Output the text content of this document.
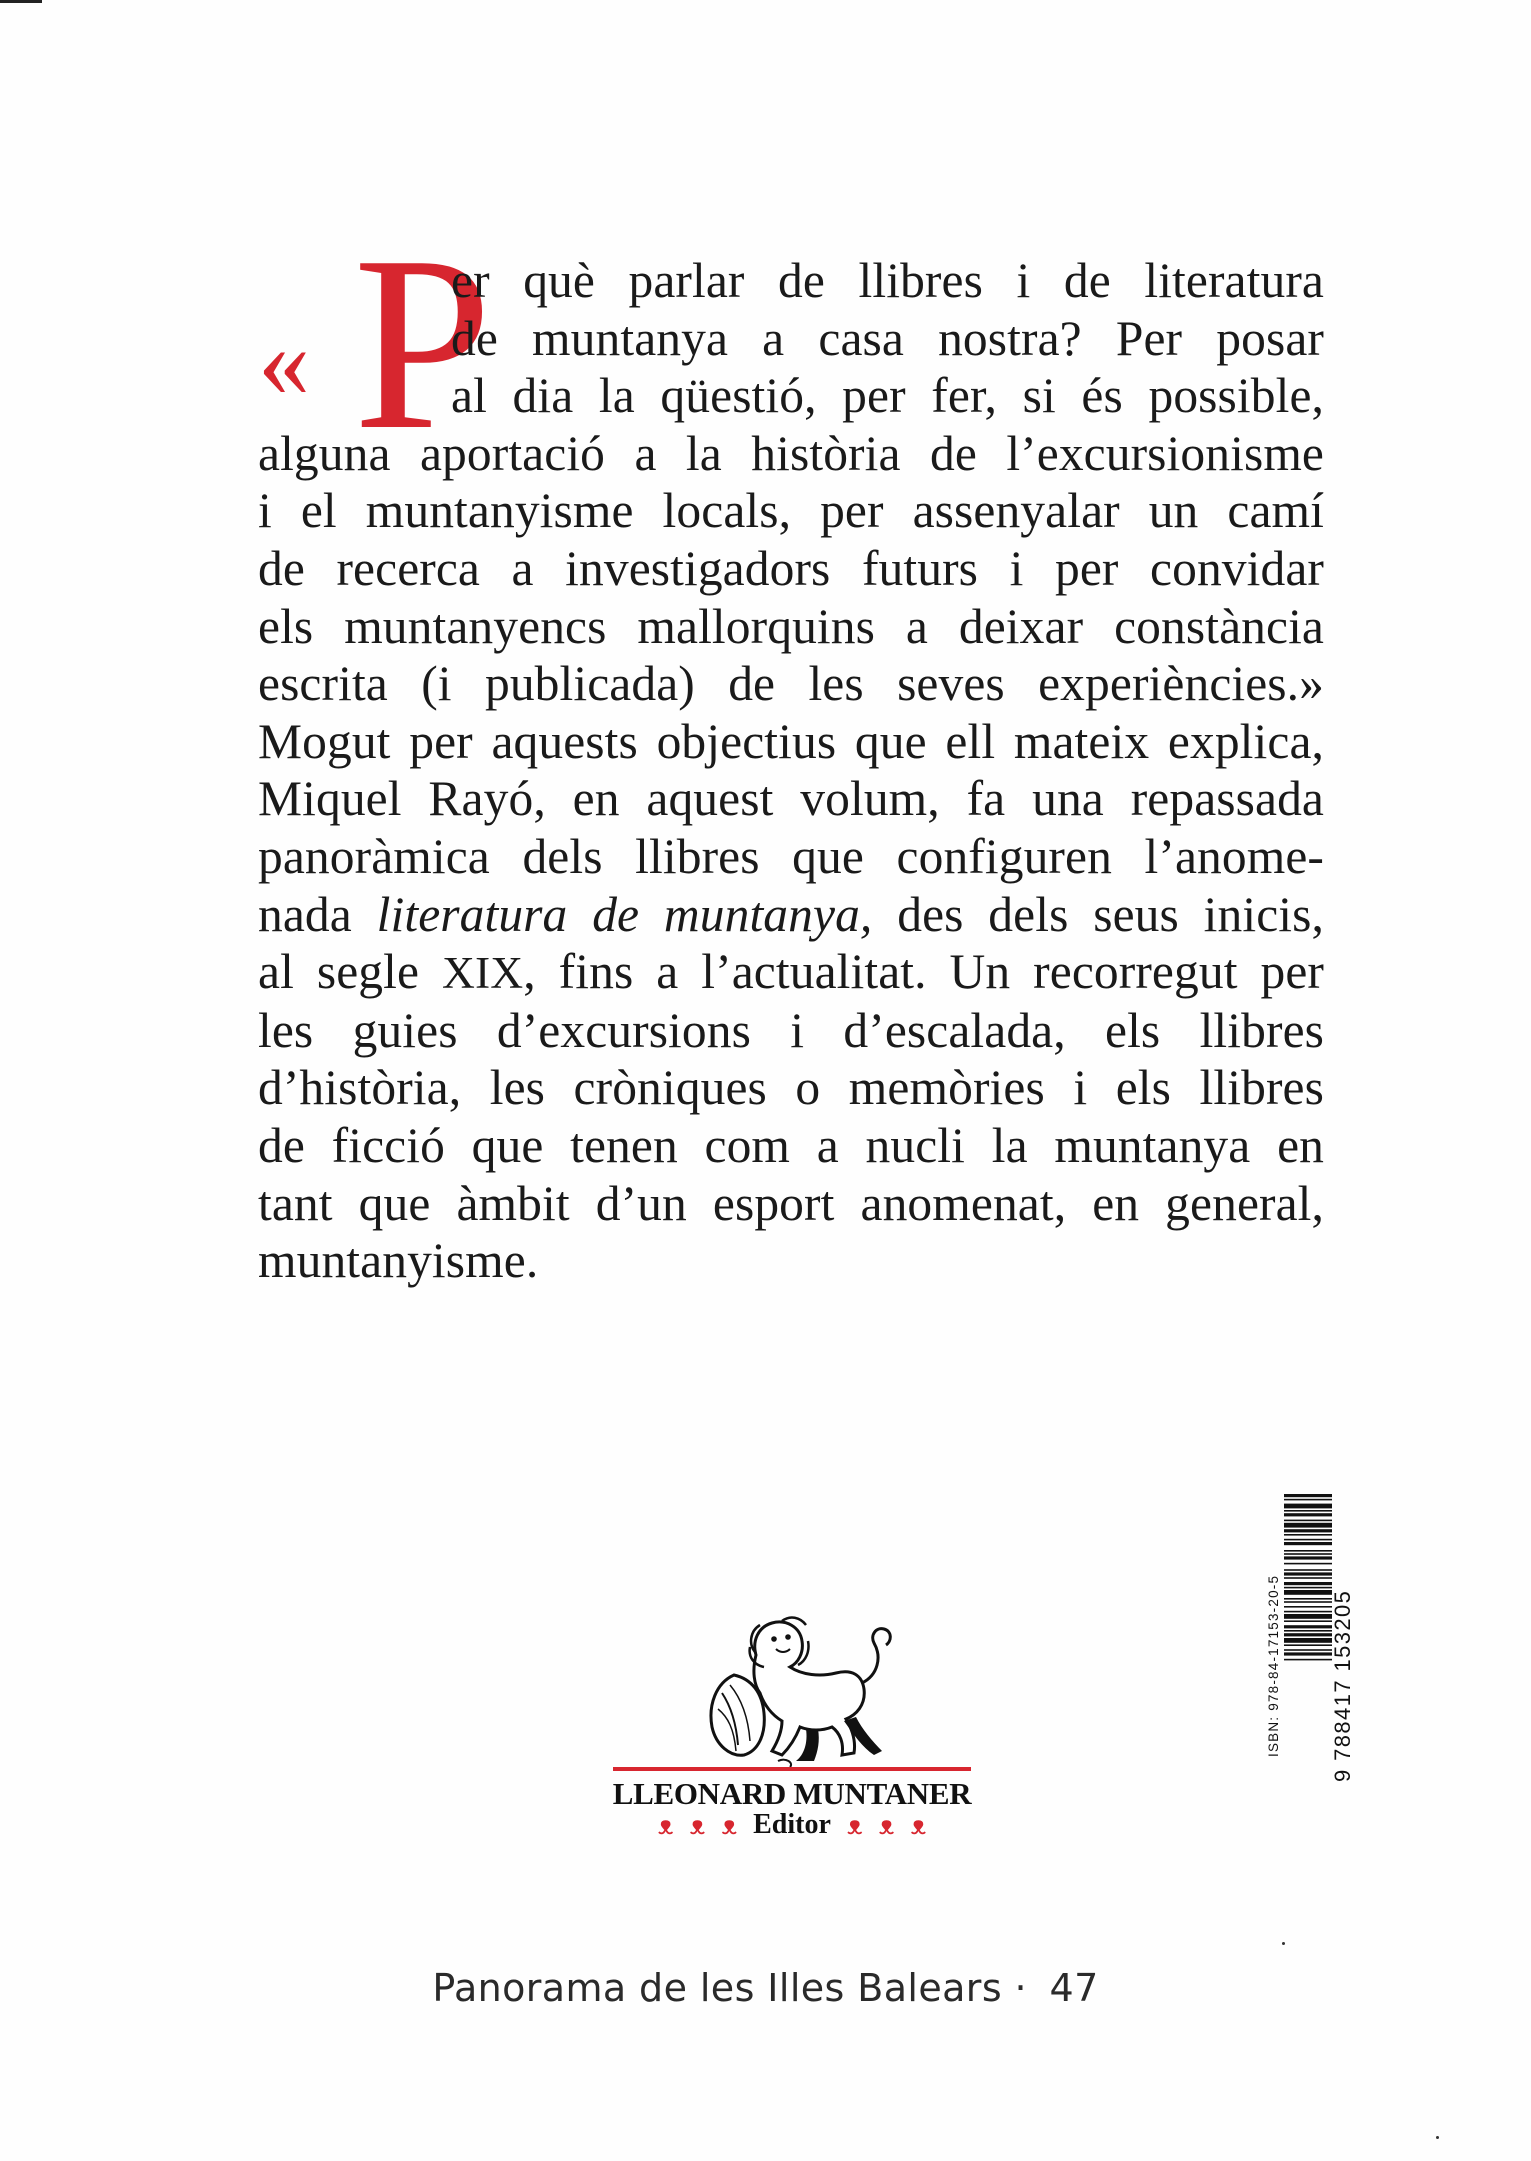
« P
er què parlar de llibres i de literatura
de muntanya a casa nostra? Per posar
al dia la qüestió, per fer, si és possible,
alguna aportació a la història de l’excursionisme
i el muntanyisme locals, per assenyalar un camí
de recerca a investigadors futurs i per convidar
els muntanyencs mallorquins a deixar constància
escrita (i publicada) de les seves experiències.»
Mogut per aquests objectius que ell mateix explica,
Miquel Rayó, en aquest volum, fa una repassada
panoràmica dels llibres que configuren l’anome-
nada literatura de muntanya, des dels seus inicis,
al segle XIX, fins a l’actualitat. Un recorregut per
les guies d’excursions i d’escalada, els llibres
d’història, les cròniques o memòries i els llibres
de ficció que tenen com a nucli la muntanya en
tant que àmbit d’un esport anomenat, en general,
muntanyisme.
LLEONARD MUNTANER
ᴥ ᴥ ᴥ Editor ᴥ ᴥ ᴥ
ISBN: 978-84-17153-20-5 9 788417 153205
Panorama de les Illes Balears · 47
